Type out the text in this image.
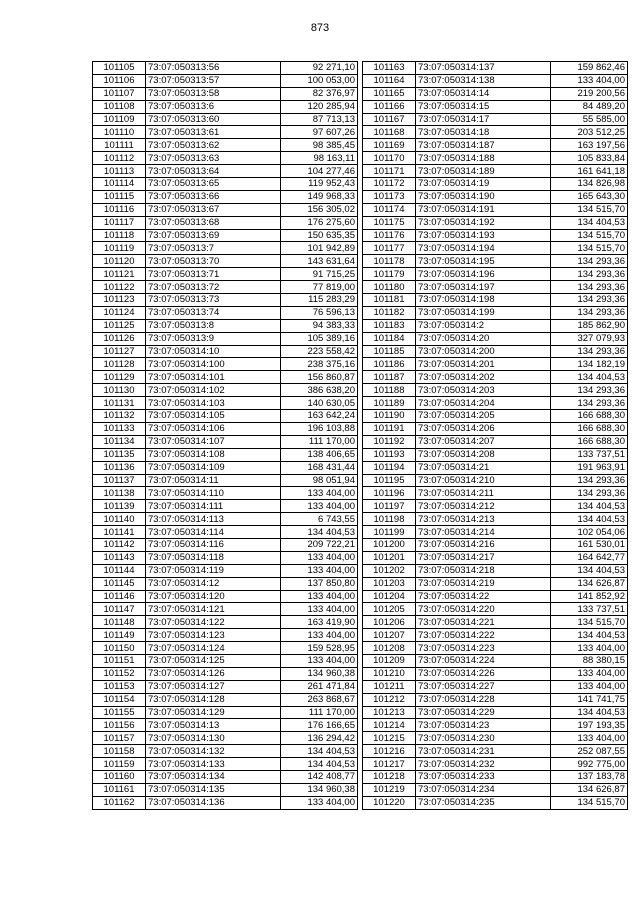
873
101105	73:07:050313:56	92 271,10
101106	73:07:050313:57	100 053,00
101107	73:07:050313:58	82 376,97
101108	73:07:050313:6	120 285,94
101109	73:07:050313:60	87 713,13
101110	73:07:050313:61	97 607,26
101111	73:07:050313:62	98 385,45
101112	73:07:050313:63	98 163,11
101113	73:07:050313:64	104 277,46
101114	73:07:050313:65	119 952,43
101115	73:07:050313:66	149 968,33
101116	73:07:050313:67	156 305,02
101117	73:07:050313:68	176 275,60
101118	73:07:050313:69	150 635,35
101119	73:07:050313:7	101 942,89
101120	73:07:050313:70	143 631,64
101121	73:07:050313:71	91 715,25
101122	73:07:050313:72	77 819,00
101123	73:07:050313:73	115 283,29
101124	73:07:050313:74	76 596,13
101125	73:07:050313:8	94 383,33
101126	73:07:050313:9	105 389,16
101127	73:07:050314:10	223 558,42
101128	73:07:050314:100	238 375,16
101129	73:07:050314:101	156 860,87
101130	73:07:050314:102	386 638,20
101131	73:07:050314:103	140 630,05
101132	73:07:050314:105	163 642,24
101133	73:07:050314:106	196 103,88
101134	73:07:050314:107	111 170,00
101135	73:07:050314:108	138 406,65
101136	73:07:050314:109	168 431,44
101137	73:07:050314:11	98 051,94
101138	73:07:050314:110	133 404,00
101139	73:07:050314:111	133 404,00
101140	73:07:050314:113	6 743,55
101141	73:07:050314:114	134 404,53
101142	73:07:050314:116	209 722,21
101143	73:07:050314:118	133 404,00
101144	73:07:050314:119	133 404,00
101145	73:07:050314:12	137 850,80
101146	73:07:050314:120	133 404,00
101147	73:07:050314:121	133 404,00
101148	73:07:050314:122	163 419,90
101149	73:07:050314:123	133 404,00
101150	73:07:050314:124	159 528,95
101151	73:07:050314:125	133 404,00
101152	73:07:050314:126	134 960,38
101153	73:07:050314:127	261 471,84
101154	73:07:050314:128	263 868,67
101155	73:07:050314:129	111 170,00
101156	73:07:050314:13	176 166,65
101157	73:07:050314:130	136 294,42
101158	73:07:050314:132	134 404,53
101159	73:07:050314:133	134 404,53
101160	73:07:050314:134	142 408,77
101161	73:07:050314:135	134 960,38
101162	73:07:050314:136	133 404,00
101163	73:07:050314:137	159 862,46
101164	73:07:050314:138	133 404,00
101165	73:07:050314:14	219 200,56
101166	73:07:050314:15	84 489,20
101167	73:07:050314:17	55 585,00
101168	73:07:050314:18	203 512,25
101169	73:07:050314:187	163 197,56
101170	73:07:050314:188	105 833,84
101171	73:07:050314:189	161 641,18
101172	73:07:050314:19	134 826,98
101173	73:07:050314:190	165 643,30
101174	73:07:050314:191	134 515,70
101175	73:07:050314:192	134 404,53
101176	73:07:050314:193	134 515,70
101177	73:07:050314:194	134 515,70
101178	73:07:050314:195	134 293,36
101179	73:07:050314:196	134 293,36
101180	73:07:050314:197	134 293,36
101181	73:07:050314:198	134 293,36
101182	73:07:050314:199	134 293,36
101183	73:07:050314:2	185 862,90
101184	73:07:050314:20	327 079,93
101185	73:07:050314:200	134 293,36
101186	73:07:050314:201	134 182,19
101187	73:07:050314:202	134 404,53
101188	73:07:050314:203	134 293,36
101189	73:07:050314:204	134 293,36
101190	73:07:050314:205	166 688,30
101191	73:07:050314:206	166 688,30
101192	73:07:050314:207	166 688,30
101193	73:07:050314:208	133 737,51
101194	73:07:050314:21	191 963,91
101195	73:07:050314:210	134 293,36
101196	73:07:050314:211	134 293,36
101197	73:07:050314:212	134 404,53
101198	73:07:050314:213	134 404,53
101199	73:07:050314:214	102 054,06
101200	73:07:050314:216	161 530,01
101201	73:07:050314:217	164 642,77
101202	73:07:050314:218	134 404,53
101203	73:07:050314:219	134 626,87
101204	73:07:050314:22	141 852,92
101205	73:07:050314:220	133 737,51
101206	73:07:050314:221	134 515,70
101207	73:07:050314:222	134 404,53
101208	73:07:050314:223	133 404,00
101209	73:07:050314:224	88 380,15
101210	73:07:050314:226	133 404,00
101211	73:07:050314:227	133 404,00
101212	73:07:050314:228	141 741,75
101213	73:07:050314:229	134 404,53
101214	73:07:050314:23	197 193,35
101215	73:07:050314:230	133 404,00
101216	73:07:050314:231	252 087,55
101217	73:07:050314:232	992 775,00
101218	73:07:050314:233	137 183,78
101219	73:07:050314:234	134 626,87
101220	73:07:050314:235	134 515,70
